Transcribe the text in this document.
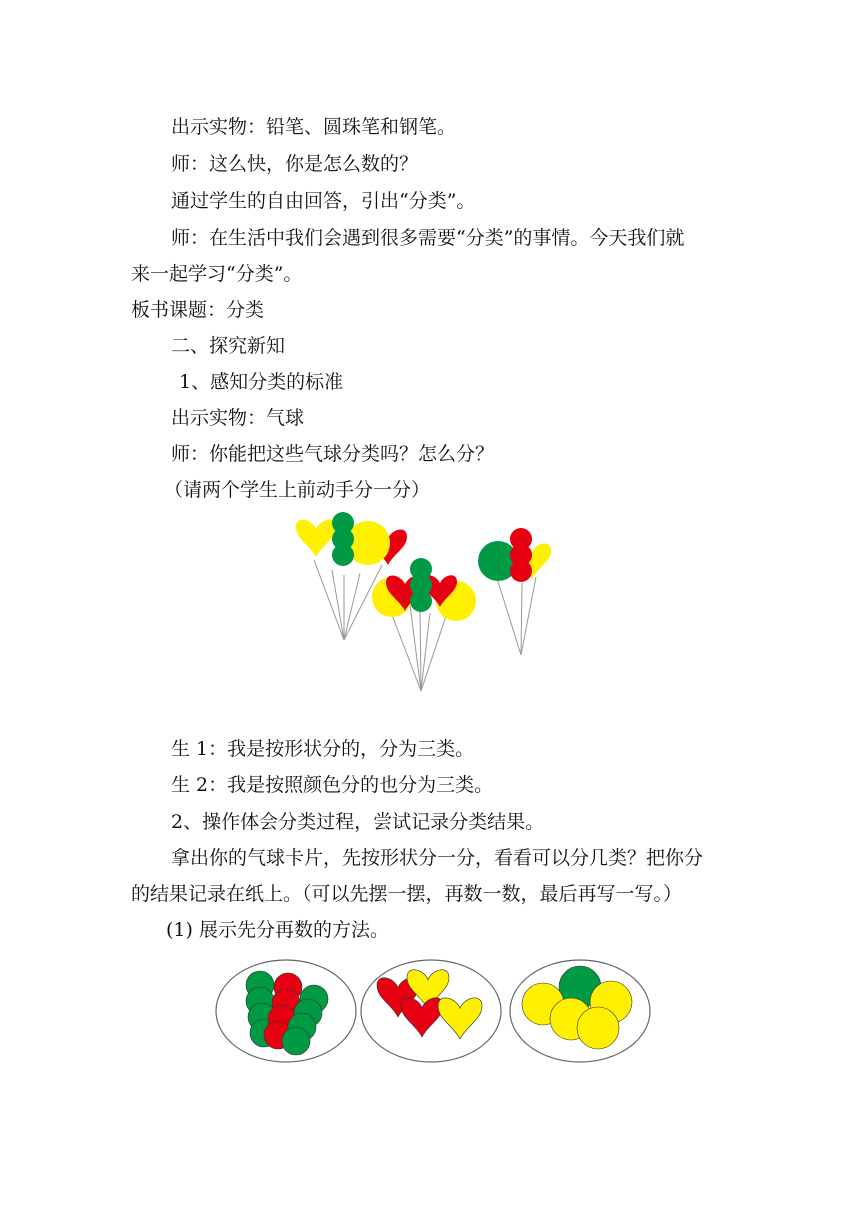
出示实物：铅笔、圆珠笔和钢笔。
师：这么快，你是怎么数的？
通过学生的自由回答，引出“分类”。
师：在生活中我们会遇到很多需要“分类”的事情。今天我们就
来一起学习“分类”。
板书课题：分类
二、探究新知
1、感知分类的标准
出示实物：气球
师：你能把这些气球分类吗？怎么分？
（请两个学生上前动手分一分）
生 1：我是按形状分的，分为三类。
生 2：我是按照颜色分的也分为三类。
2、操作体会分类过程，尝试记录分类结果。
拿出你的气球卡片，先按形状分一分，看看可以分几类？把你分
的结果记录在纸上。（可以先摆一摆，再数一数，最后再写一写。）
(1) 展示先分再数的方法。
